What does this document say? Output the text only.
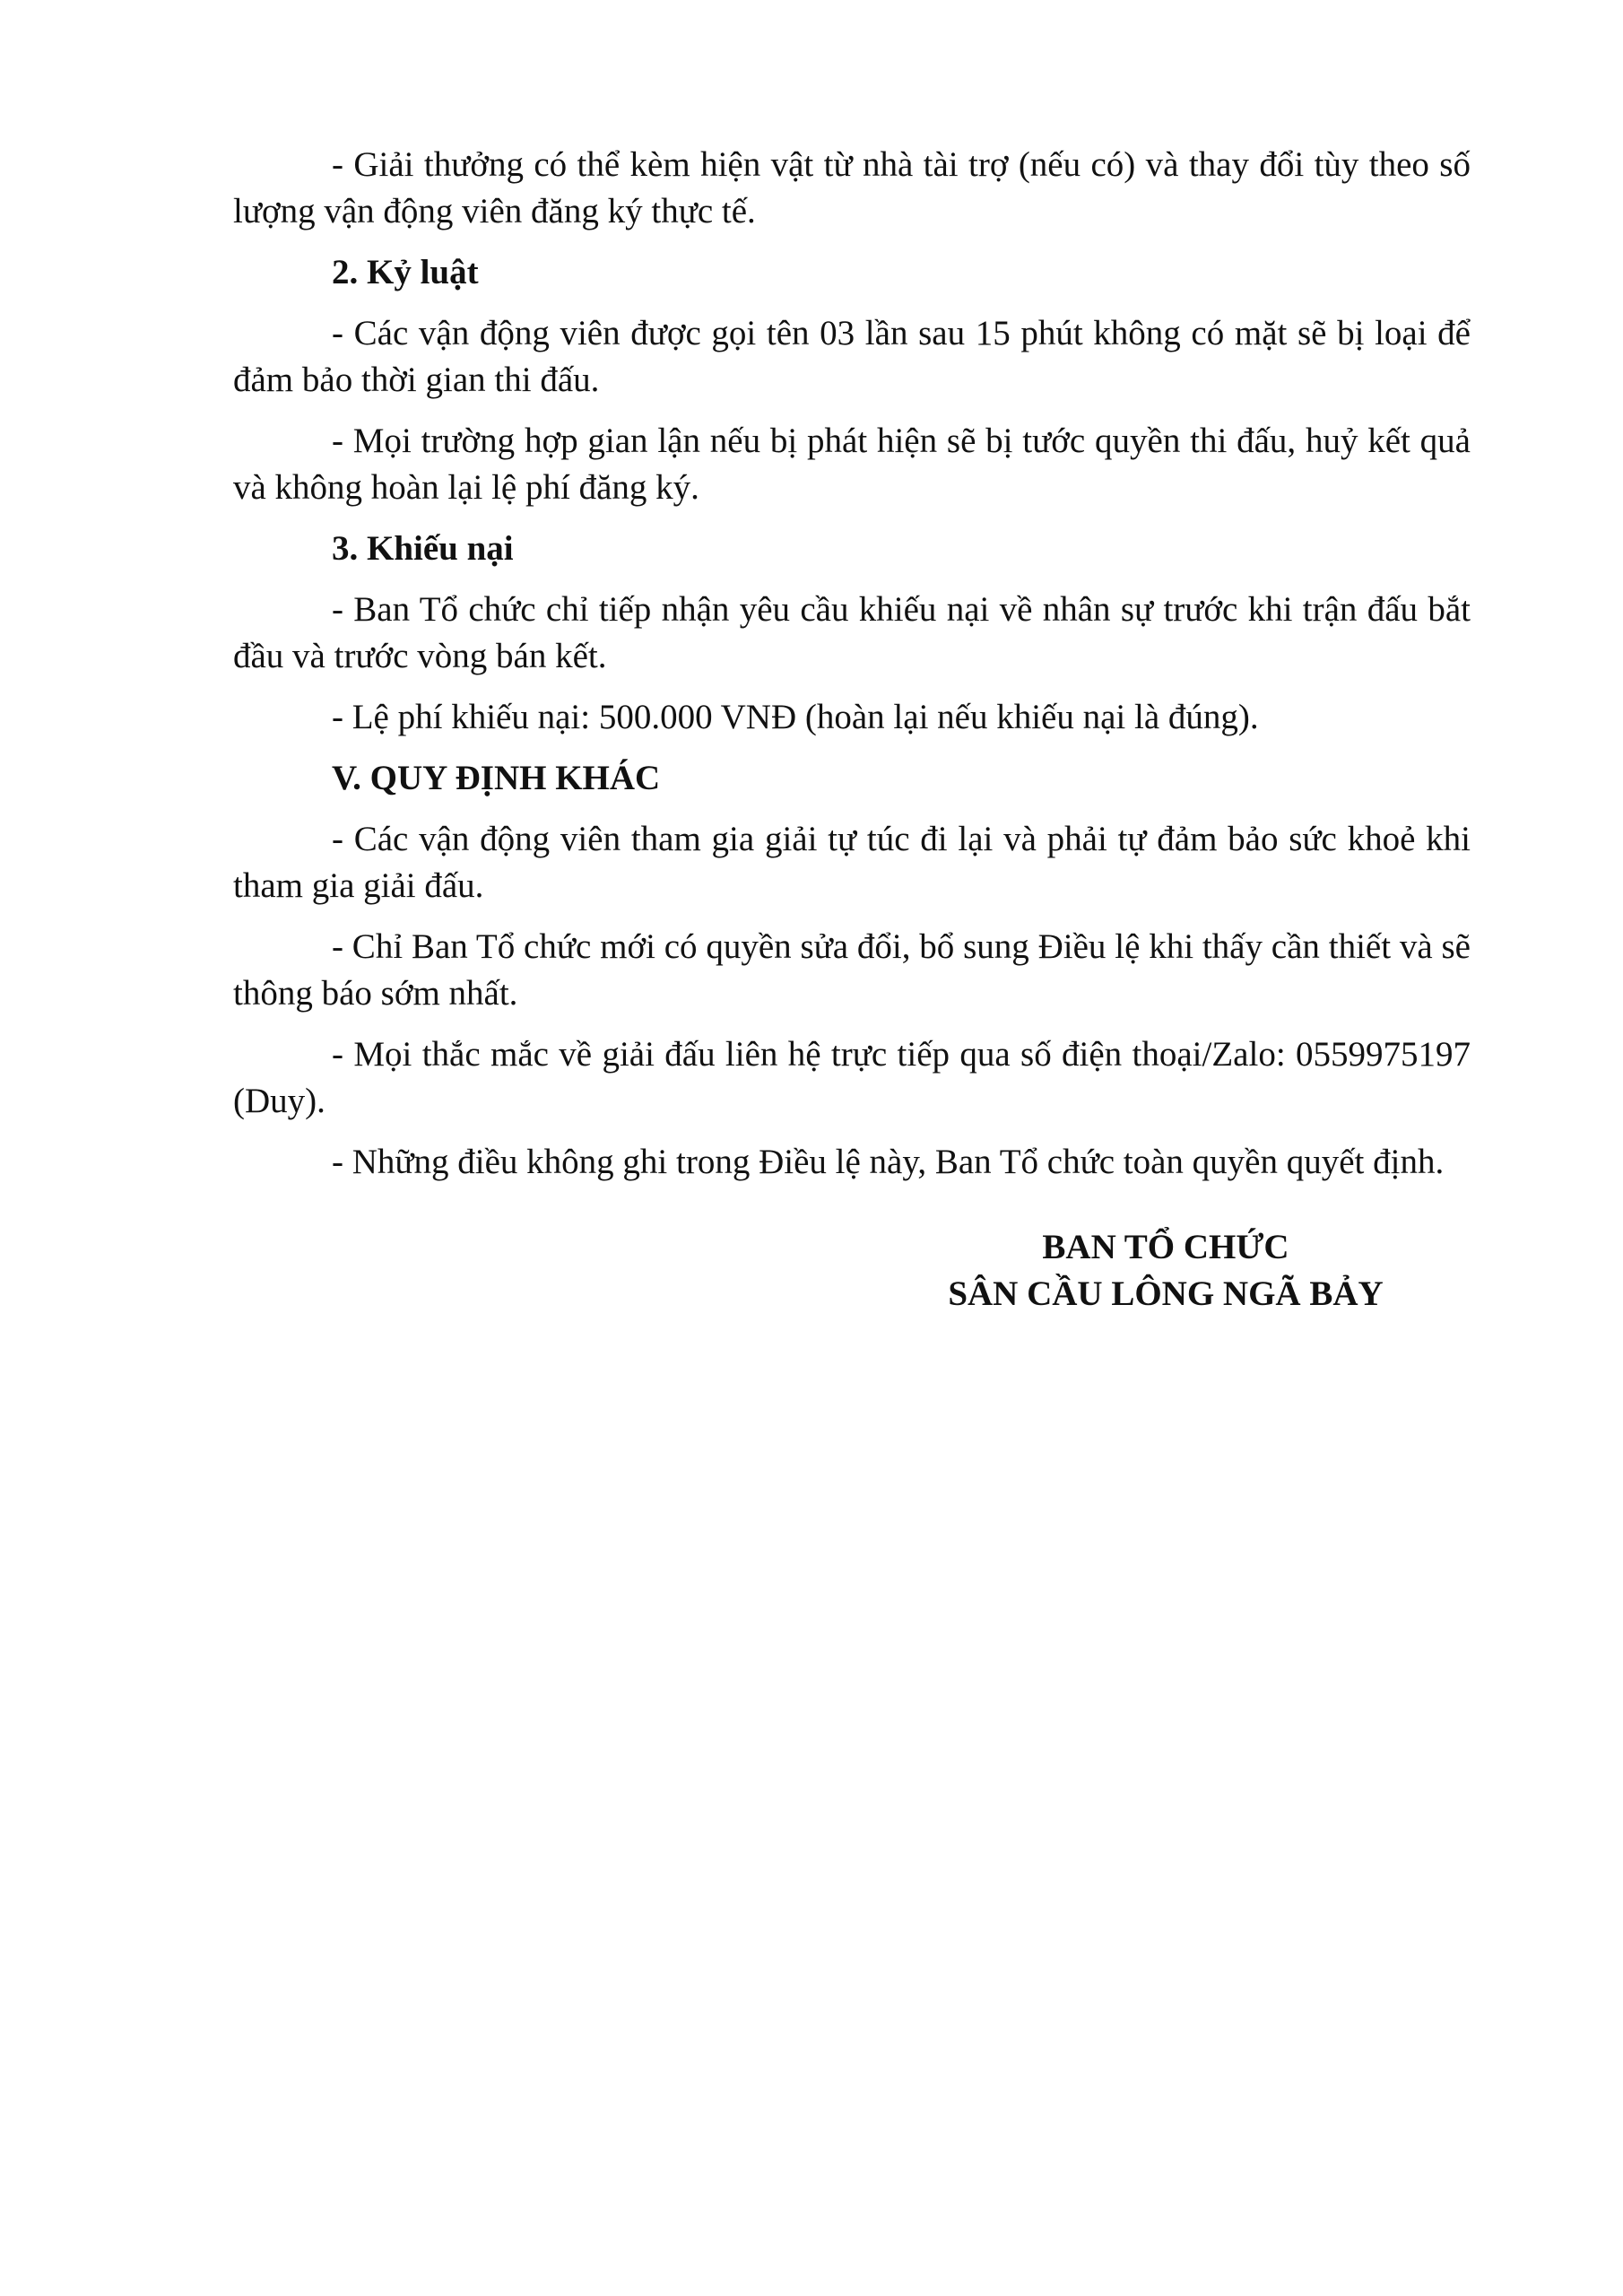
- Giải thưởng có thể kèm hiện vật từ nhà tài trợ (nếu có) và thay đổi tùy theo số lượng vận động viên đăng ký thực tế.

2. Kỷ luật

- Các vận động viên được gọi tên 03 lần sau 15 phút không có mặt sẽ bị loại để đảm bảo thời gian thi đấu.

- Mọi trường hợp gian lận nếu bị phát hiện sẽ bị tước quyền thi đấu, huỷ kết quả và không hoàn lại lệ phí đăng ký.

3. Khiếu nại

- Ban Tổ chức chỉ tiếp nhận yêu cầu khiếu nại về nhân sự trước khi trận đấu bắt đầu và trước vòng bán kết.

- Lệ phí khiếu nại: 500.000 VNĐ (hoàn lại nếu khiếu nại là đúng).

V. QUY ĐỊNH KHÁC

- Các vận động viên tham gia giải tự túc đi lại và phải tự đảm bảo sức khoẻ khi tham gia giải đấu.

- Chỉ Ban Tổ chức mới có quyền sửa đổi, bổ sung Điều lệ khi thấy cần thiết và sẽ thông báo sớm nhất.

- Mọi thắc mắc về giải đấu liên hệ trực tiếp qua số điện thoại/Zalo: 0559975197 (Duy).

- Những điều không ghi trong Điều lệ này, Ban Tổ chức toàn quyền quyết định.

BAN TỔ CHỨC
SÂN CẦU LÔNG NGÃ BẢY
